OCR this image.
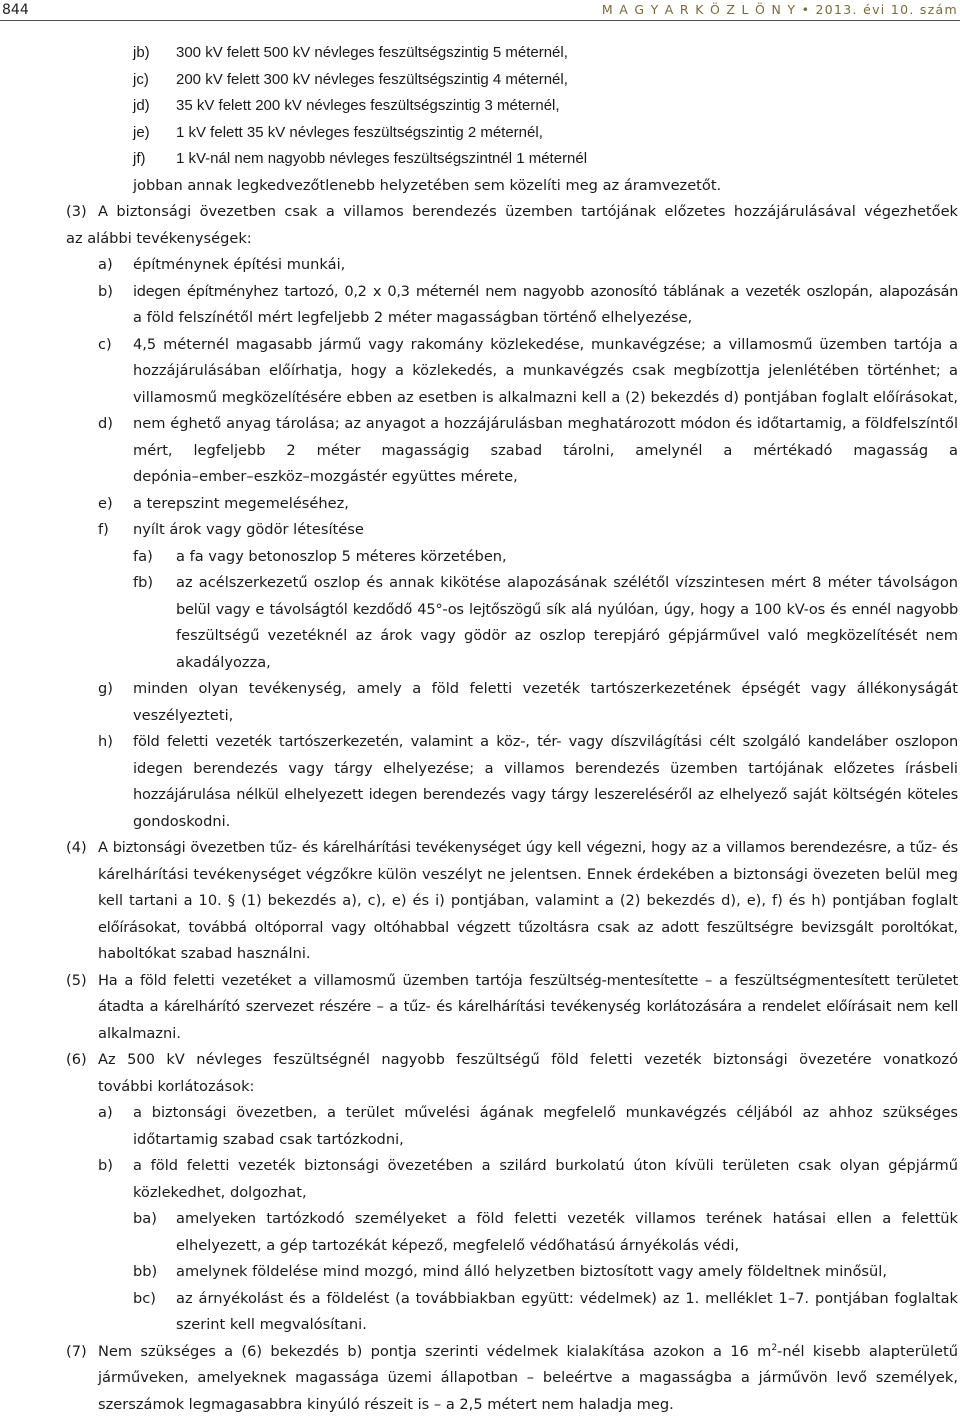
844	M A G Y A R K Ö Z L Ö N Y • 2013. évi 10. szám
jb) 300 kV felett 500 kV névleges feszültségszintig 5 méternél,
jc) 200 kV felett 300 kV névleges feszültségszintig 4 méternél,
jd) 35 kV felett 200 kV névleges feszültségszintig 3 méternél,
je) 1 kV felett 35 kV névleges feszültségszintig 2 méternél,
jf) 1 kV-nál nem nagyobb névleges feszültségszintnél 1 méternél
jobban annak legkedvezőtlenebb helyzetében sem közelíti meg az áramvezetőt.
(3) A biztonsági övezetben csak a villamos berendezés üzemben tartójának előzetes hozzájárulásával végezhetőek
az alábbi tevékenységek:
a) építménynek építési munkái,
b) idegen építményhez tartozó, 0,2 x 0,3 méternél nem nagyobb azonosító táblának a vezeték oszlopán, alapozásán
a föld felszínétől mért legfeljebb 2 méter magasságban történő elhelyezése,
c) 4,5 méternél magasabb jármű vagy rakomány közlekedése, munkavégzése; a villamosmű üzemben tartója a
hozzájárulásában előírhatja, hogy a közlekedés, a munkavégzés csak megbízottja jelenlétében történhet; a
villamosmű megközelítésére ebben az esetben is alkalmazni kell a (2) bekezdés d) pontjában foglalt előírásokat,
d) nem éghető anyag tárolása; az anyagot a hozzájárulásban meghatározott módon és időtartamig, a földfelszíntől
mért, legfeljebb 2 méter magasságig szabad tárolni, amelynél a mértékadó magasság a
depónia–ember–eszköz–mozgástér együttes mérete,
e) a terepszint megemeléséhez,
f) nyílt árok vagy gödör létesítése
fa) a fa vagy betonoszlop 5 méteres körzetében,
fb) az acélszerkezetű oszlop és annak kikötése alapozásának szélétől vízszintesen mért 8 méter távolságon
belül vagy e távolságtól kezdődő 45°-os lejtőszögű sík alá nyúlóan, úgy, hogy a 100 kV-os és ennél nagyobb
feszültségű vezetéknél az árok vagy gödör az oszlop terepjáró gépjárművel való megközelítését nem
akadályozza,
g) minden olyan tevékenység, amely a föld feletti vezeték tartószerkezetének épségét vagy állékonyságát
veszélyezteti,
h) föld feletti vezeték tartószerkezetén, valamint a köz-, tér- vagy díszvilágítási célt szolgáló kandeláber oszlopon
idegen berendezés vagy tárgy elhelyezése; a villamos berendezés üzemben tartójának előzetes írásbeli
hozzájárulása nélkül elhelyezett idegen berendezés vagy tárgy leszereléséről az elhelyező saját költségén köteles
gondoskodni.
(4) A biztonsági övezetben tűz- és kárelhárítási tevékenységet úgy kell végezni, hogy az a villamos berendezésre, a tűz- és
kárelhárítási tevékenységet végzőkre külön veszélyt ne jelentsen. Ennek érdekében a biztonsági övezeten belül meg
kell tartani a 10. § (1) bekezdés a), c), e) és i) pontjában, valamint a (2) bekezdés d), e), f) és h) pontjában foglalt
előírásokat, továbbá oltóporral vagy oltóhabbal végzett tűzoltásra csak az adott feszültségre bevizsgált poroltókat,
haboltókat szabad használni.
(5) Ha a föld feletti vezetéket a villamosmű üzemben tartója feszültség-mentesítette – a feszültségmentesített területet
átadta a kárelhárító szervezet részére – a tűz- és kárelhárítási tevékenység korlátozására a rendelet előírásait nem kell
alkalmazni.
(6) Az 500 kV névleges feszültségnél nagyobb feszültségű föld feletti vezeték biztonsági övezetére vonatkozó
további korlátozások:
a) a biztonsági övezetben, a terület művelési ágának megfelelő munkavégzés céljából az ahhoz szükséges
időtartamig szabad csak tartózkodni,
b) a föld feletti vezeték biztonsági övezetében a szilárd burkolatú úton kívüli területen csak olyan gépjármű
közlekedhet, dolgozhat,
ba) amelyeken tartózkodó személyeket a föld feletti vezeték villamos terének hatásai ellen a felettük
elhelyezett, a gép tartozékát képező, megfelelő védőhatású árnyékolás védi,
bb) amelynek földelése mind mozgó, mind álló helyzetben biztosított vagy amely földeltnek minősül,
bc) az árnyékolást és a földelést (a továbbiakban együtt: védelmek) az 1. melléklet 1–7. pontjában foglaltak
szerint kell megvalósítani.
(7) Nem szükséges a (6) bekezdés b) pontja szerinti védelmek kialakítása azokon a 16 $m^2$-nél kisebb alapterületű
járműveken, amelyeknek magassága üzemi állapotban – beleértve a magasságba a járművön levő személyek,
szerszámok legmagasabbra kinyúló részeit is – a 2,5 métert nem haladja meg.
